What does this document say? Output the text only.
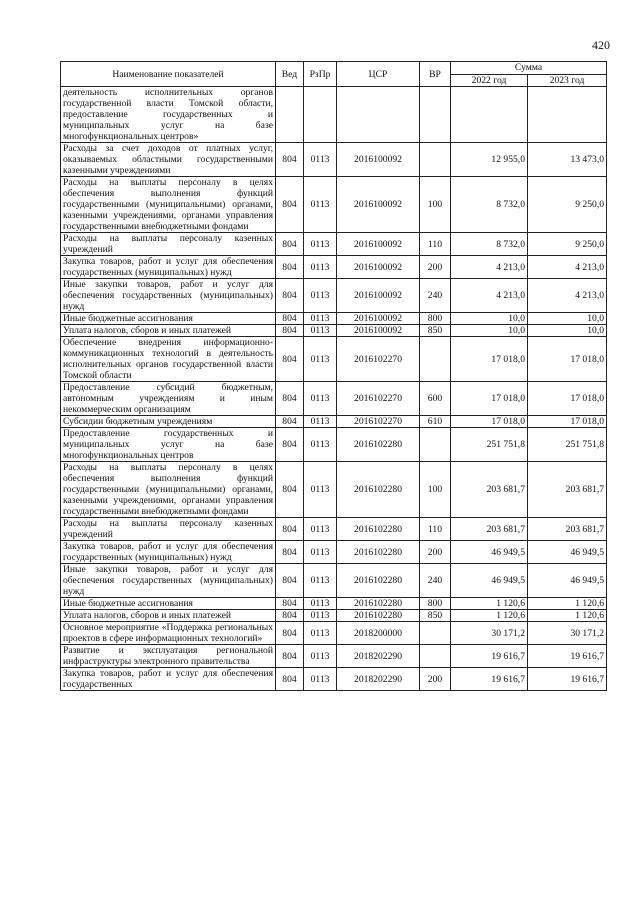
420
Наименование показателей	Вед	РзПр	ЦСР	ВР	Сумма	
					2022 год	2023 год
деятельность исполнительных органов государственной власти Томской области, предоставление государственных и муниципальных услуг на базе многофункциональных центров»						
Расходы за счет доходов от платных услуг, оказываемых областными государственными казенными учреждениями	804	0113	2016100092		12 955,0	13 473,0
Расходы на выплаты персоналу в целях обеспечения выполнения функций государственными (муниципальными) органами, казенными учреждениями, органами управления государственными внебюджетными фондами	804	0113	2016100092	100	8 732,0	9 250,0
Расходы на выплаты персоналу казенных учреждений	804	0113	2016100092	110	8 732,0	9 250,0
Закупка товаров, работ и услуг для обеспечения государственных (муниципальных) нужд	804	0113	2016100092	200	4 213,0	4 213,0
Иные закупки товаров, работ и услуг для обеспечения государственных (муниципальных) нужд	804	0113	2016100092	240	4 213,0	4 213,0
Иные бюджетные ассигнования	804	0113	2016100092	800	10,0	10,0
Уплата налогов, сборов и иных платежей	804	0113	2016100092	850	10,0	10,0
Обеспечение внедрения информационно-коммуникационных технологий в деятельность исполнительных органов государственной власти Томской области	804	0113	2016102270		17 018,0	17 018,0
Предоставление субсидий бюджетным, автономным учреждениям и иным некоммерческим организациям	804	0113	2016102270	600	17 018,0	17 018,0
Субсидии бюджетным учреждениям	804	0113	2016102270	610	17 018,0	17 018,0
Предоставление государственных и муниципальных услуг на базе многофункциональных центров	804	0113	2016102280		251 751,8	251 751,8
Расходы на выплаты персоналу в целях обеспечения выполнения функций государственными (муниципальными) органами, казенными учреждениями, органами управления государственными внебюджетными фондами	804	0113	2016102280	100	203 681,7	203 681,7
Расходы на выплаты персоналу казенных учреждений	804	0113	2016102280	110	203 681,7	203 681,7
Закупка товаров, работ и услуг для обеспечения государственных (муниципальных) нужд	804	0113	2016102280	200	46 949,5	46 949,5
Иные закупки товаров, работ и услуг для обеспечения государственных (муниципальных) нужд	804	0113	2016102280	240	46 949,5	46 949,5
Иные бюджетные ассигнования	804	0113	2016102280	800	1 120,6	1 120,6
Уплата налогов, сборов и иных платежей	804	0113	2016102280	850	1 120,6	1 120,6
Основное мероприятие «Поддержка региональных проектов в сфере информационных технологий»	804	0113	2018200000		30 171,2	30 171,2
Развитие и эксплуатация региональной инфраструктуры электронного правительства	804	0113	2018202290		19 616,7	19 616,7
Закупка товаров, работ и услуг для обеспечения государственных	804	0113	2018202290	200	19 616,7	19 616,7
